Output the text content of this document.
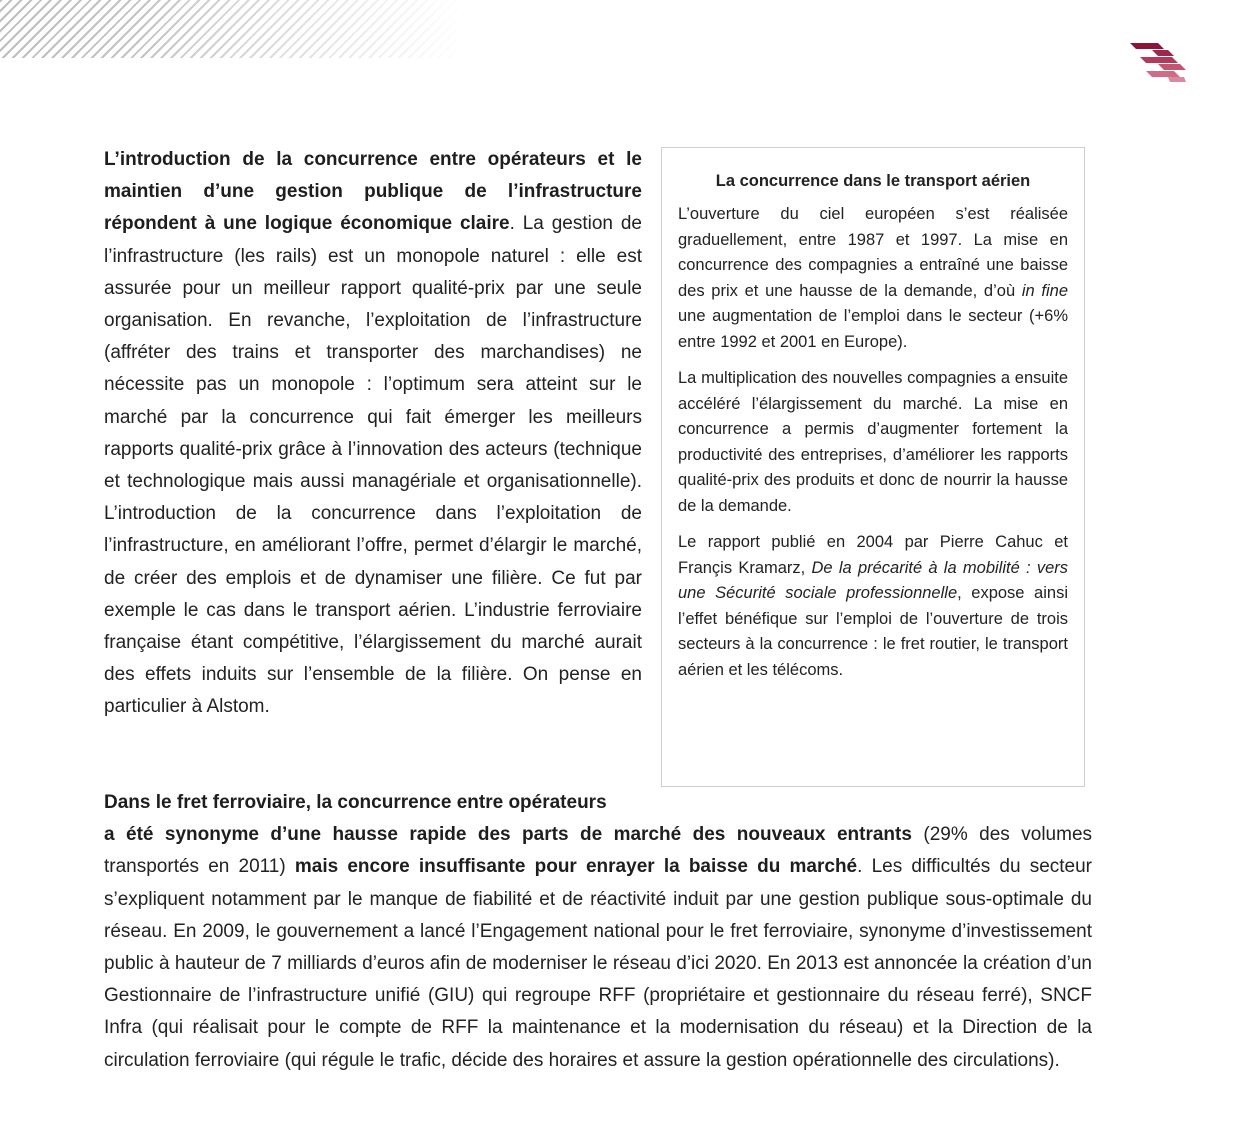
L’introduction de la concurrence entre opérateurs et le maintien d’une gestion publique de l’infrastructure répondent à une logique économique claire. La gestion de l’infrastructure (les rails) est un monopole naturel : elle est assurée pour un meilleur rapport qualité-prix par une seule organisation. En revanche, l’exploitation de l’infrastructure (affréter des trains et transporter des marchandises) ne nécessite pas un monopole : l’optimum sera atteint sur le marché par la concurrence qui fait émerger les meilleurs rapports qualité-prix grâce à l’innovation des acteurs (technique et technologique mais aussi managériale et organisationnelle). L’introduction de la concurrence dans l’exploitation de l’infrastructure, en améliorant l’offre, permet d’élargir le marché, de créer des emplois et de dynamiser une filière. Ce fut par exemple le cas dans le transport aérien. L’industrie ferroviaire française étant compétitive, l’élargissement du marché aurait des effets induits sur l’ensemble de la filière. On pense en particulier à Alstom.

La concurrence dans le transport aérien

L’ouverture du ciel européen s’est réalisée graduellement, entre 1987 et 1997. La mise en concurrence des compagnies a entraîné une baisse des prix et une hausse de la demande, d’où in fine une augmentation de l’emploi dans le secteur (+6% entre 1992 et 2001 en Europe).

La multiplication des nouvelles compagnies a ensuite accéléré l’élargissement du marché. La mise en concurrence a permis d’augmenter fortement la productivité des entreprises, d’améliorer les rapports qualité-prix des produits et donc de nourrir la hausse de la demande.

Le rapport publié en 2004 par Pierre Cahuc et Françis Kramarz, De la précarité à la mobilité : vers une Sécurité sociale professionnelle, expose ainsi l’effet bénéfique sur l’emploi de l’ouverture de trois secteurs à la concurrence : le fret routier, le transport aérien et les télécoms.

Dans le fret ferroviaire, la concurrence entre opérateurs
a été synonyme d’une hausse rapide des parts de marché des nouveaux entrants (29% des volumes transportés en 2011) mais encore insuffisante pour enrayer la baisse du marché. Les difficultés du secteur s’expliquent notamment par le manque de fiabilité et de réactivité induit par une gestion publique sous-optimale du réseau. En 2009, le gouvernement a lancé l’Engagement national pour le fret ferroviaire, synonyme d’investissement public à hauteur de 7 milliards d’euros afin de moderniser le réseau d’ici 2020. En 2013 est annoncée la création d’un Gestionnaire de l’infrastructure unifié (GIU) qui regroupe RFF (propriétaire et gestionnaire du réseau ferré), SNCF Infra (qui réalisait pour le compte de RFF la maintenance et la modernisation du réseau) et la Direction de la circulation ferroviaire (qui régule le trafic, décide des horaires et assure la gestion opérationnelle des circulations).
